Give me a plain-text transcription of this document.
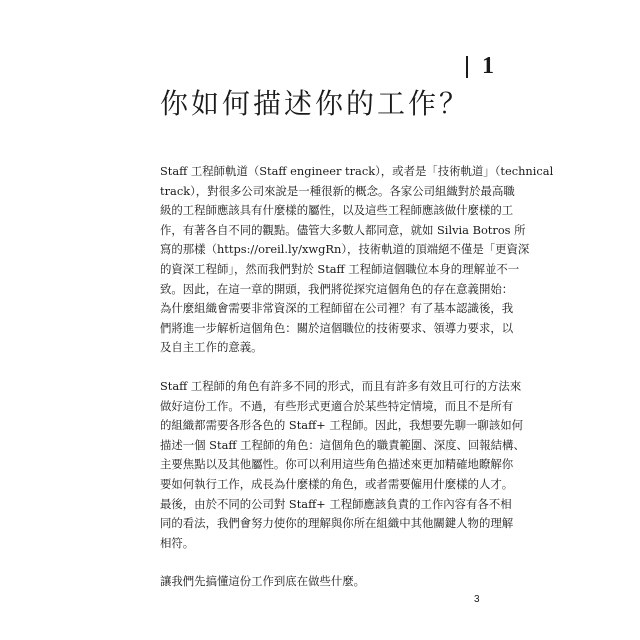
1
你如何描述你的工作？
Staff 工程師軌道（Staff engineer track），或者是「技術軌道」（technical
track），對很多公司來說是一種很新的概念。各家公司組織對於最高職
級的工程師應該具有什麼樣的屬性，以及這些工程師應該做什麼樣的工
作，有著各自不同的觀點。儘管大多數人都同意，就如 Silvia Botros 所
寫的那樣（https://oreil.ly/xwgRn），技術軌道的頂端絕不僅是「更資深
的資深工程師」，然而我們對於 Staff 工程師這個職位本身的理解並不一
致。因此，在這一章的開頭，我們將從探究這個角色的存在意義開始：
為什麼組織會需要非常資深的工程師留在公司裡？有了基本認識後，我
們將進一步解析這個角色：關於這個職位的技術要求、領導力要求，以
及自主工作的意義。
Staff 工程師的角色有許多不同的形式，而且有許多有效且可行的方法來
做好這份工作。不過，有些形式更適合於某些特定情境，而且不是所有
的組織都需要各形各色的 Staff+ 工程師。因此，我想要先聊一聊該如何
描述一個 Staff 工程師的角色：這個角色的職責範圍、深度、回報結構、
主要焦點以及其他屬性。你可以利用這些角色描述來更加精確地瞭解你
要如何執行工作，成長為什麼樣的角色，或者需要僱用什麼樣的人才。
最後，由於不同的公司對 Staff+ 工程師應該負責的工作內容有各不相
同的看法，我們會努力使你的理解與你所在組織中其他關鍵人物的理解
相符。
讓我們先搞懂這份工作到底在做些什麼。
3
